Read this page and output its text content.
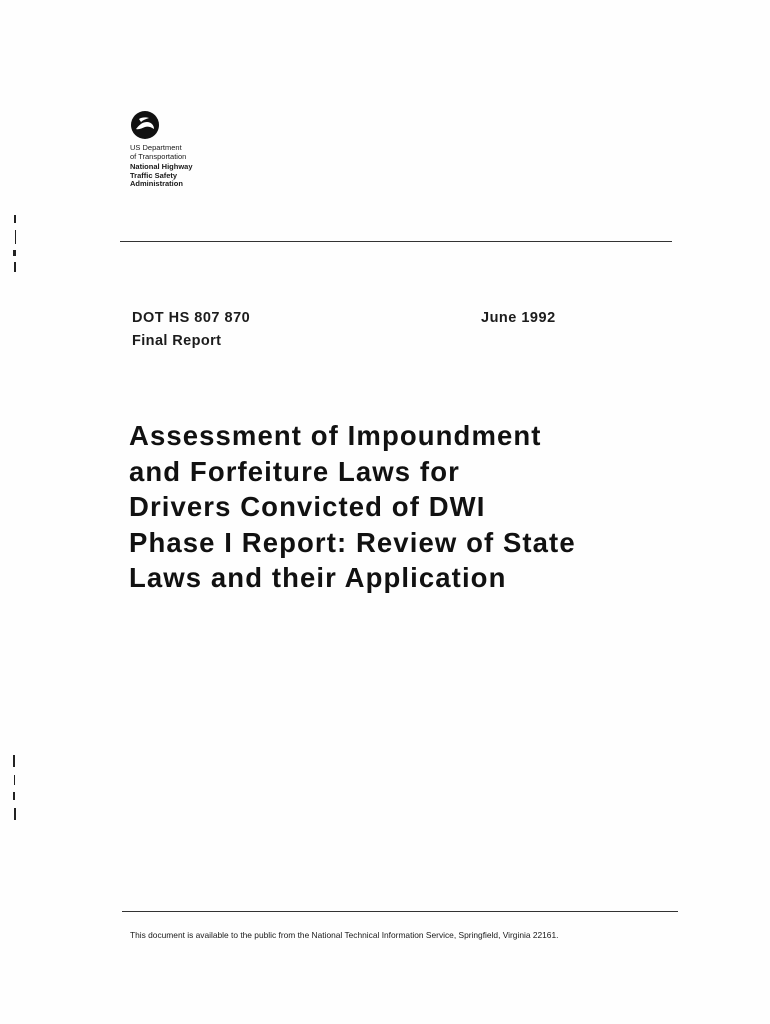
US Department
of Transportation
National Highway
Traffic Safety
Administration
DOT HS 807 870
Final Report
June 1992
Assessment of Impoundment
and Forfeiture Laws for
Drivers Convicted of DWI
Phase I Report: Review of State
Laws and their Application
This document is available to the public from the National Technical Information Service, Springfield, Virginia 22161.
